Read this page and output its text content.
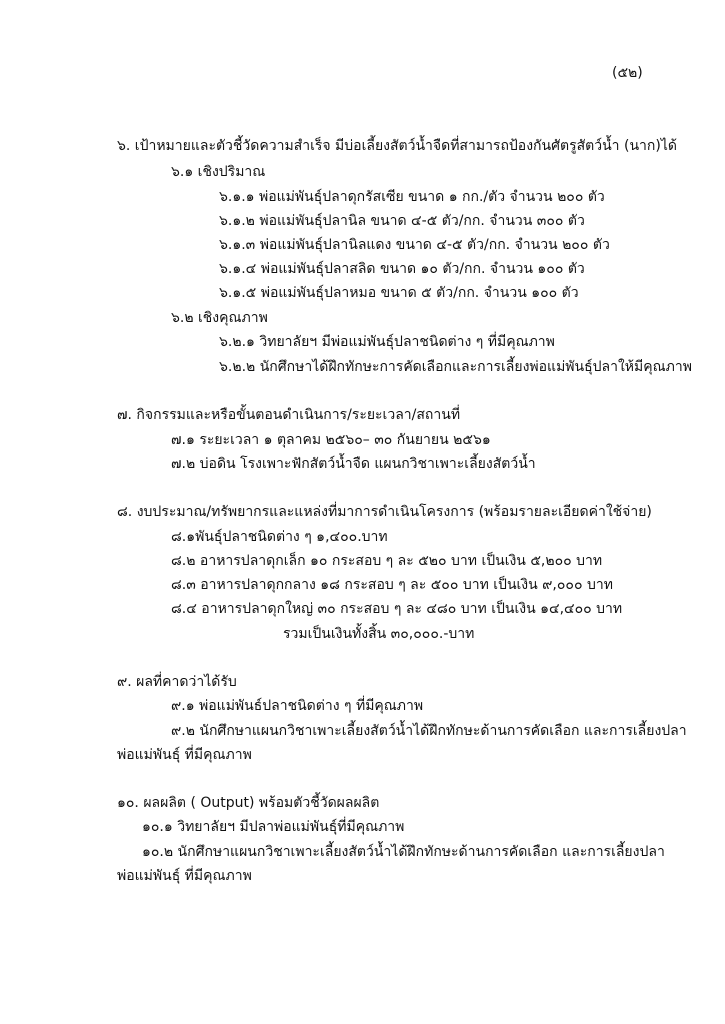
(๕๒)
๖. เป้าหมายและตัวชี้วัดความสำเร็จ มีบ่อเลี้ยงสัตว์น้ำจืดที่สามารถป้องกันศัตรูสัตว์น้ำ (นาก)ได้
๖.๑ เชิงปริมาณ
๖.๑.๑ พ่อแม่พันธุ์ปลาดุกรัสเซีย ขนาด ๑ กก./ตัว จำนวน ๒๐๐ ตัว
๖.๑.๒ พ่อแม่พันธุ์ปลานิล ขนาด ๔-๕ ตัว/กก. จำนวน ๓๐๐ ตัว
๖.๑.๓ พ่อแม่พันธุ์ปลานิลแดง ขนาด ๔-๕ ตัว/กก. จำนวน ๒๐๐ ตัว
๖.๑.๔ พ่อแม่พันธุ์ปลาสลิด ขนาด ๑๐ ตัว/กก. จำนวน ๑๐๐ ตัว
๖.๑.๕ พ่อแม่พันธุ์ปลาหมอ ขนาด ๕ ตัว/กก. จำนวน ๑๐๐ ตัว
๖.๒ เชิงคุณภาพ
๖.๒.๑ วิทยาลัยฯ มีพ่อแม่พันธุ์ปลาชนิดต่าง ๆ ที่มีคุณภาพ
๖.๒.๒ นักศึกษาได้ฝึกทักษะการคัดเลือกและการเลี้ยงพ่อแม่พันธุ์ปลาให้มีคุณภาพ
๗. กิจกรรมและหรือขั้นตอนดำเนินการ/ระยะเวลา/สถานที่
๗.๑ ระยะเวลา ๑ ตุลาคม ๒๕๖๐– ๓๐ กันยายน ๒๕๖๑
๗.๒ บ่อดิน โรงเพาะฟักสัตว์น้ำจืด แผนกวิชาเพาะเลี้ยงสัตว์น้ำ
๘. งบประมาณ/ทรัพยากรและแหล่งที่มาการดำเนินโครงการ (พร้อมรายละเอียดค่าใช้จ่าย)
๘.๑พันธุ์ปลาชนิดต่าง ๆ ๑,๔๐๐.บาท
๘.๒ อาหารปลาดุกเล็ก ๑๐ กระสอบ ๆ ละ ๕๒๐ บาท เป็นเงิน ๕,๒๐๐ บาท
๘.๓ อาหารปลาดุกกลาง ๑๘ กระสอบ ๆ ละ ๕๐๐ บาท เป็นเงิน ๙,๐๐๐ บาท
๘.๔ อาหารปลาดุกใหญ่ ๓๐ กระสอบ ๆ ละ ๔๘๐ บาท เป็นเงิน ๑๔,๔๐๐ บาท
รวมเป็นเงินทั้งสิ้น ๓๐,๐๐๐.-บาท
๙. ผลที่คาดว่าได้รับ
๙.๑ พ่อแม่พันธ์ปลาชนิดต่าง ๆ ที่มีคุณภาพ
๙.๒ นักศึกษาแผนกวิชาเพาะเลี้ยงสัตว์น้ำได้ฝึกทักษะด้านการคัดเลือก และการเลี้ยงปลา
พ่อแม่พันธุ์ ที่มีคุณภาพ
๑๐. ผลผลิต ( Output) พร้อมตัวชี้วัดผลผลิต
๑๐.๑ วิทยาลัยฯ มีปลาพ่อแม่พันธุ์ที่มีคุณภาพ
๑๐.๒ นักศึกษาแผนกวิชาเพาะเลี้ยงสัตว์น้ำได้ฝึกทักษะด้านการคัดเลือก และการเลี้ยงปลา
พ่อแม่พันธุ์ ที่มีคุณภาพ
